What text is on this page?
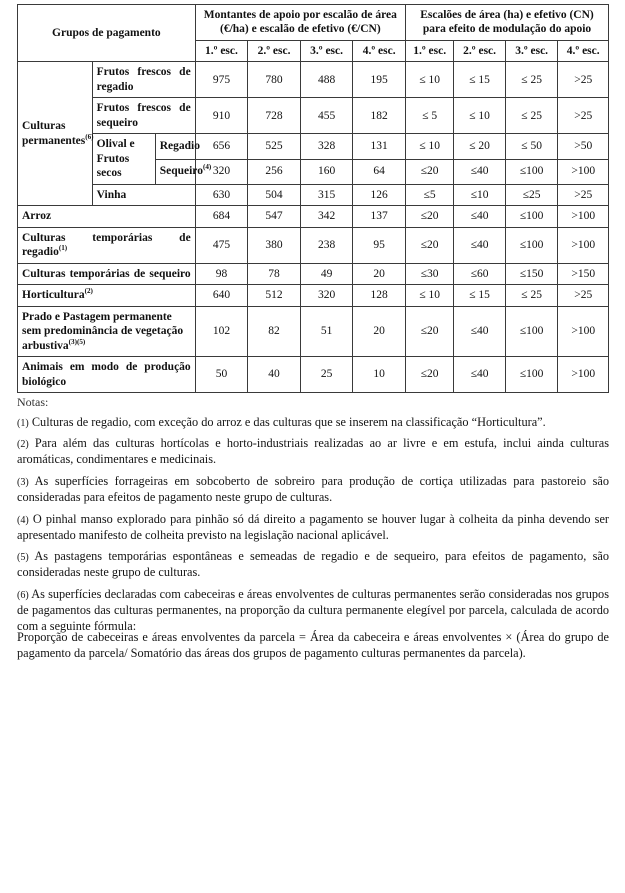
Grupos de pagamento			Montantes de apoio por escalão de área (€/ha) e escalão de efetivo (€/CN)				Escalões de área (ha) e efetivo (CN) para efeito de modulação do apoio			
			1.º esc.	2.º esc.	3.º esc.	4.º esc.	1.º esc.	2.º esc.	3.º esc.	4.º esc.
Culturas permanentes$^{(6)}$	Frutos frescos de regadio		975	780	488	195	≤ 10	≤ 15	≤ 25	>25
	Frutos frescos de sequeiro		910	728	455	182	≤ 5	≤ 10	≤ 25	>25
	Olival e Frutos secos	Regadio	656	525	328	131	≤ 10	≤ 20	≤ 50	>50
		Sequeiro$^{(4)}$	320	256	160	64	≤20	≤40	≤100	>100
	Vinha		630	504	315	126	≤5	≤10	≤25	>25
Arroz			684	547	342	137	≤20	≤40	≤100	>100
Culturas temporárias de regadio$^{(1)}$			475	380	238	95	≤20	≤40	≤100	>100
Culturas temporárias de sequeiro			98	78	49	20	≤30	≤60	≤150	>150
Horticultura$^{(2)}$			640	512	320	128	≤ 10	≤ 15	≤ 25	>25
Prado e Pastagem permanente sem predominância de vegetação arbustiva$^{(3)(5)}$			102	82	51	20	≤20	≤40	≤100	>100
Animais em modo de produção biológico			50	40	25	10	≤20	≤40	≤100	>100
Notas:

(1) Culturas de regadio, com exceção do arroz e das culturas que se inserem na classificação “Horticultura”.

(2) Para além das culturas hortícolas e horto-industriais realizadas ao ar livre e em estufa, inclui ainda culturas aromáticas, condimentares e medicinais.

(3) As superfícies forrageiras em sobcoberto de sobreiro para produção de cortiça utilizadas para pastoreio são consideradas para efeitos de pagamento neste grupo de culturas.

(4) O pinhal manso explorado para pinhão só dá direito a pagamento se houver lugar à colheita da pinha devendo ser apresentado manifesto de colheita previsto na legislação nacional aplicável.

(5) As pastagens temporárias espontâneas e semeadas de regadio e de sequeiro, para efeitos de pagamento, são consideradas neste grupo de culturas.

(6) As superfícies declaradas com cabeceiras e áreas envolventes de culturas permanentes serão consideradas nos grupos de pagamentos das culturas permanentes, na proporção da cultura permanente elegível por parcela, calculada de acordo com a seguinte fórmula:

Proporção de cabeceiras e áreas envolventes da parcela = Área da cabeceira e áreas envolventes × (Área do grupo de pagamento da parcela/ Somatório das áreas dos grupos de pagamento culturas permanentes da parcela).
